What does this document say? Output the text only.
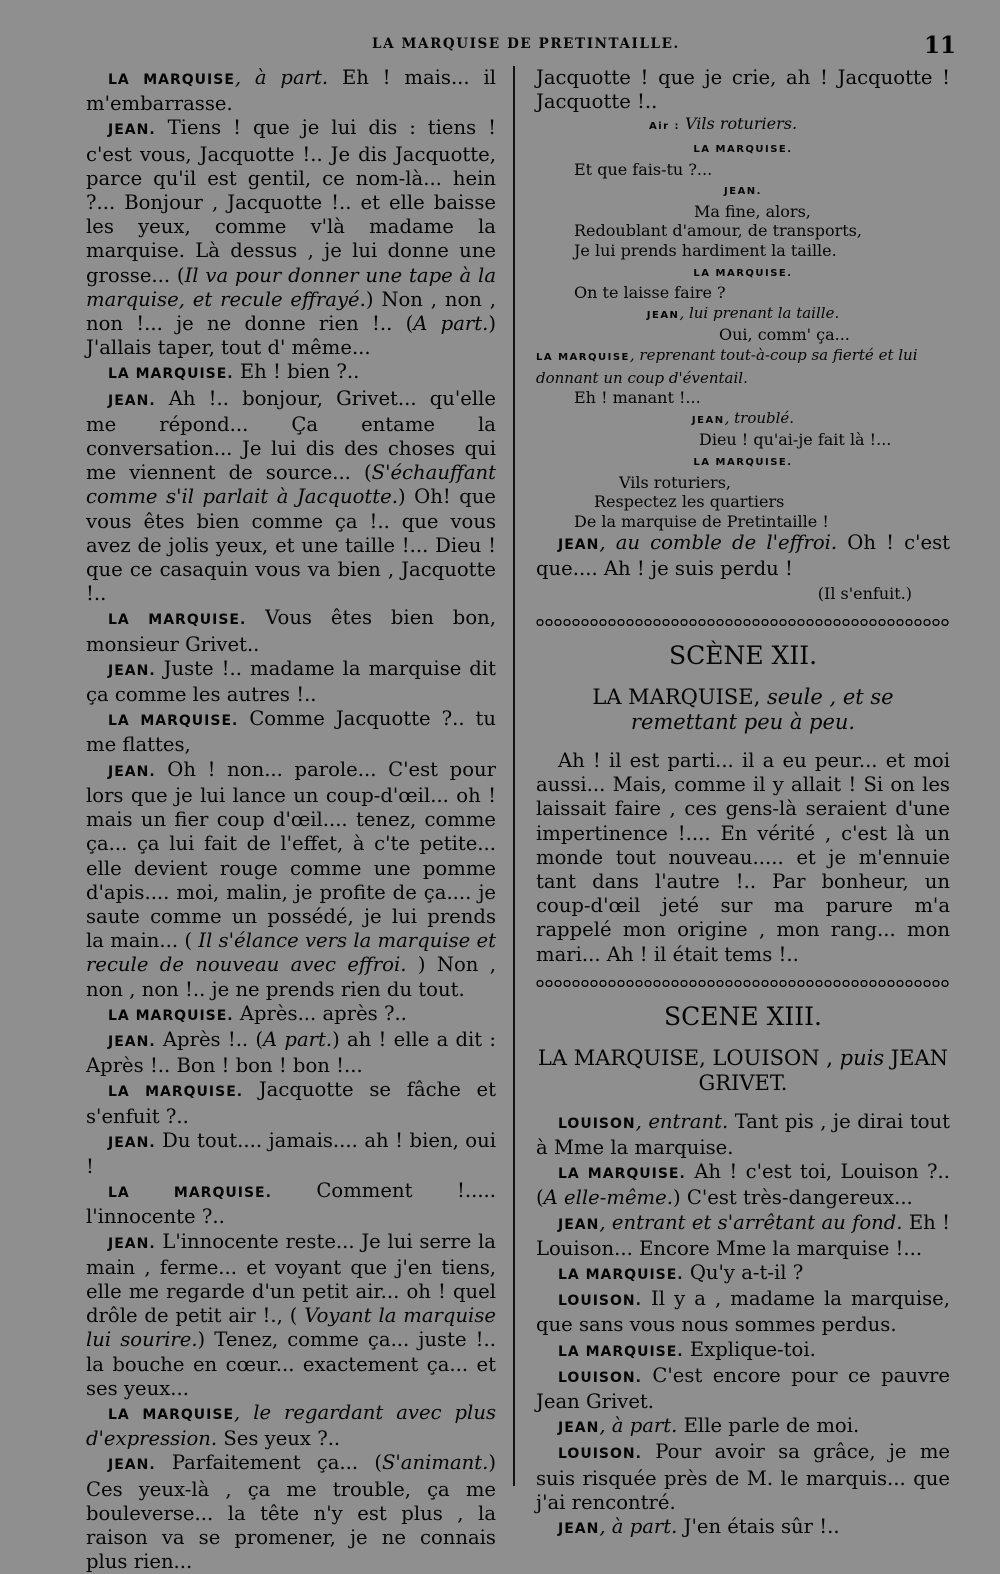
LA MARQUISE DE PRETINTAILLE.	11

LA MARQUISE, à part. Eh ! mais... il m'embarrasse.

JEAN. Tiens ! que je lui dis : tiens ! c'est vous, Jacquotte !.. Je dis Jacquotte, parce qu'il est gentil, ce nom-là... hein ?... Bonjour , Jacquotte !.. et elle baisse les yeux, comme v'là madame la marquise. Là dessus , je lui donne une grosse... (Il va pour donner une tape à la marquise, et recule effrayé.) Non , non , non !... je ne donne rien !.. (A part.) J'allais taper, tout d' même...

LA MARQUISE. Eh ! bien ?..

JEAN. Ah !.. bonjour, Grivet... qu'elle me répond... Ça entame la conversation... Je lui dis des choses qui me viennent de source... (S'échauffant comme s'il parlait à Jacquotte.) Oh! que vous êtes bien comme ça !.. que vous avez de jolis yeux, et une taille !... Dieu ! que ce casaquin vous va bien , Jacquotte !..

LA MARQUISE. Vous êtes bien bon, monsieur Grivet..

JEAN. Juste !.. madame la marquise dit ça comme les autres !..

LA MARQUISE. Comme Jacquotte ?.. tu me flattes,

JEAN. Oh ! non... parole... C'est pour lors que je lui lance un coup-d'œil... oh ! mais un fier coup d'œil.... tenez, comme ça... ça lui fait de l'effet, à c'te petite... elle devient rouge comme une pomme d'apis.... moi, malin, je profite de ça.... je saute comme un possédé, je lui prends la main... ( Il s'élance vers la marquise et recule de nouveau avec effroi. ) Non , non , non !.. je ne prends rien du tout.

LA MARQUISE. Après... après ?..

JEAN. Après !.. (A part.) ah ! elle a dit : Après !.. Bon ! bon ! bon !...

LA MARQUISE. Jacquotte se fâche et s'enfuit ?..

JEAN. Du tout.... jamais.... ah ! bien, oui !

LA MARQUISE. Comment !..... l'innocente ?..

JEAN. L'innocente reste... Je lui serre la main , ferme... et voyant que j'en tiens, elle me regarde d'un petit air... oh ! quel drôle de petit air !., ( Voyant la marquise lui sourire.) Tenez, comme ça... juste !.. la bouche en cœur... exactement ça... et ses yeux...

LA MARQUISE, le regardant avec plus d'expression. Ses yeux ?..

JEAN. Parfaitement ça... (S'animant.) Ces yeux-là , ça me trouble, ça me bouleverse... la tête n'y est plus , la raison va se promener, je ne connais plus rien...

Jacquotte ! que je crie, ah ! Jacquotte ! Jacquotte !..

Air : Vils roturiers.
LA MARQUISE.
Et que fais-tu ?...
JEAN.
Ma fine, alors,
Redoublant d'amour, de transports,
Je lui prends hardiment la taille.
LA MARQUISE.
On te laisse faire ?
JEAN, lui prenant la taille.
Oui, comm' ça...
LA MARQUISE, reprenant tout-à-coup sa fierté et lui donnant un coup d'éventail.
Eh ! manant !...
JEAN, troublé.
Dieu ! qu'ai-je fait là !...
LA MARQUISE.
Vils roturiers,
Respectez les quartiers
De la marquise de Pretintaille !

JEAN, au comble de l'effroi. Oh ! c'est que.... Ah ! je suis perdu !

(Il s'enfuit.)

SCÈNE XII.
LA MARQUISE, seule , et se remettant peu à peu.

Ah ! il est parti... il a eu peur... et moi aussi... Mais, comme il y allait ! Si on les laissait faire , ces gens-là seraient d'une impertinence !.... En vérité , c'est là un monde tout nouveau..... et je m'ennuie tant dans l'autre !.. Par bonheur, un coup-d'œil jeté sur ma parure m'a rappelé mon origine , mon rang... mon mari... Ah ! il était tems !..

SCENE XIII.
LA MARQUISE, LOUISON , puis JEAN GRIVET.

LOUISON, entrant. Tant pis , je dirai tout à Mme la marquise.

LA MARQUISE. Ah ! c'est toi, Louison ?.. (A elle-même.) C'est très-dangereux...

JEAN, entrant et s'arrêtant au fond. Eh ! Louison... Encore Mme la marquise !...

LA MARQUISE. Qu'y a-t-il ?

LOUISON. Il y a , madame la marquise, que sans vous nous sommes perdus.

LA MARQUISE. Explique-toi.

LOUISON. C'est encore pour ce pauvre Jean Grivet.

JEAN, à part. Elle parle de moi.

LOUISON. Pour avoir sa grâce, je me suis risquée près de M. le marquis... que j'ai rencontré.

JEAN, à part. J'en étais sûr !..
